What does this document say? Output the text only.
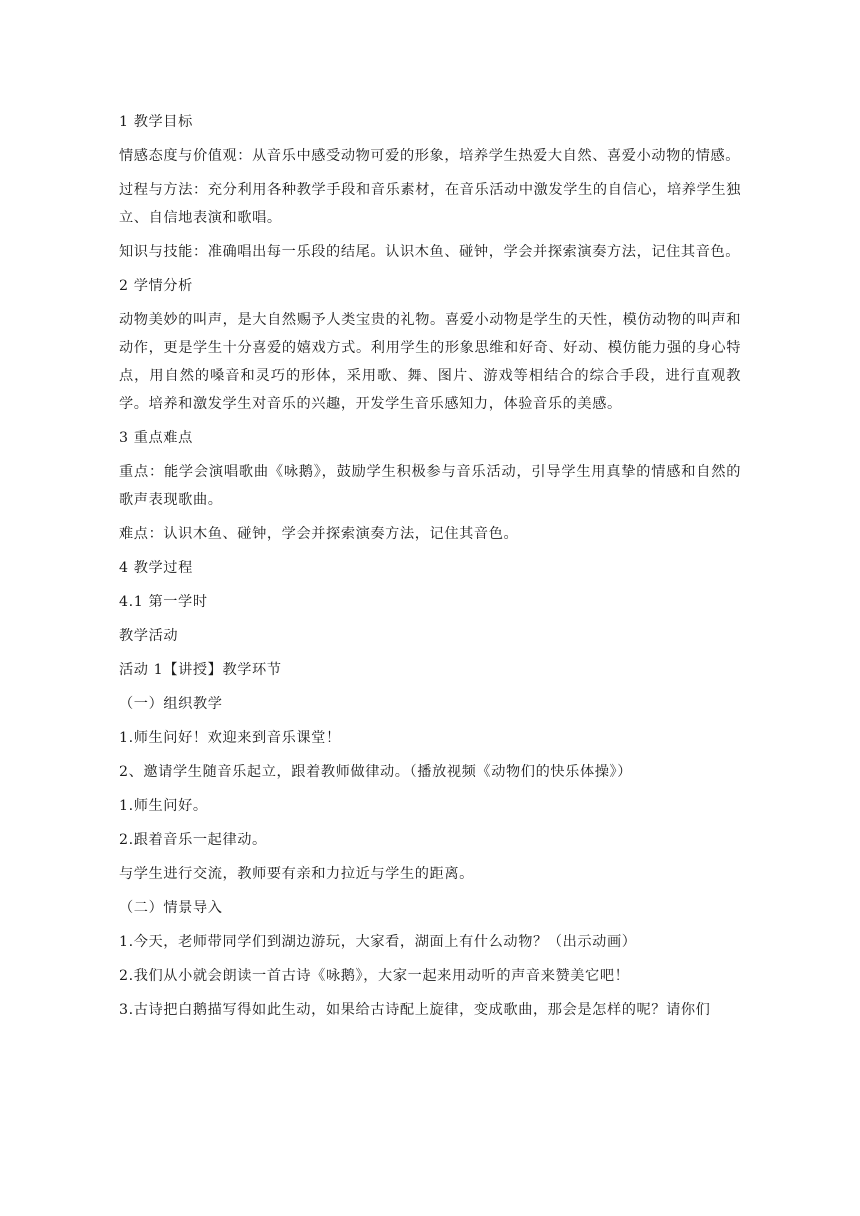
1 教学目标

情感态度与价值观：从音乐中感受动物可爱的形象，培养学生热爱大自然、喜爱小动物的情感。

过程与方法：充分利用各种教学手段和音乐素材，在音乐活动中激发学生的自信心，培养学生独立、自信地表演和歌唱。

知识与技能：准确唱出每一乐段的结尾。认识木鱼、碰钟，学会并探索演奏方法，记住其音色。

2 学情分析

动物美妙的叫声，是大自然赐予人类宝贵的礼物。喜爱小动物是学生的天性，模仿动物的叫声和动作，更是学生十分喜爱的嬉戏方式。利用学生的形象思维和好奇、好动、模仿能力强的身心特点，用自然的嗓音和灵巧的形体，采用歌、舞、图片、游戏等相结合的综合手段，进行直观教学。培养和激发学生对音乐的兴趣，开发学生音乐感知力，体验音乐的美感。

3 重点难点

重点：能学会演唱歌曲《咏鹅》，鼓励学生积极参与音乐活动，引导学生用真挚的情感和自然的歌声表现歌曲。

难点：认识木鱼、碰钟，学会并探索演奏方法，记住其音色。

4 教学过程

4.1 第一学时

教学活动

活动 1【讲授】教学环节

（一）组织教学

1.师生问好！欢迎来到音乐课堂！

2、邀请学生随音乐起立，跟着教师做律动。（播放视频《动物们的快乐体操》）

1.师生问好。

2.跟着音乐一起律动。

与学生进行交流，教师要有亲和力拉近与学生的距离。

（二）情景导入

1.今天，老师带同学们到湖边游玩，大家看，湖面上有什么动物？（出示动画）

2.我们从小就会朗读一首古诗《咏鹅》，大家一起来用动听的声音来赞美它吧！

3.古诗把白鹅描写得如此生动，如果给古诗配上旋律，变成歌曲，那会是怎样的呢？请你们
